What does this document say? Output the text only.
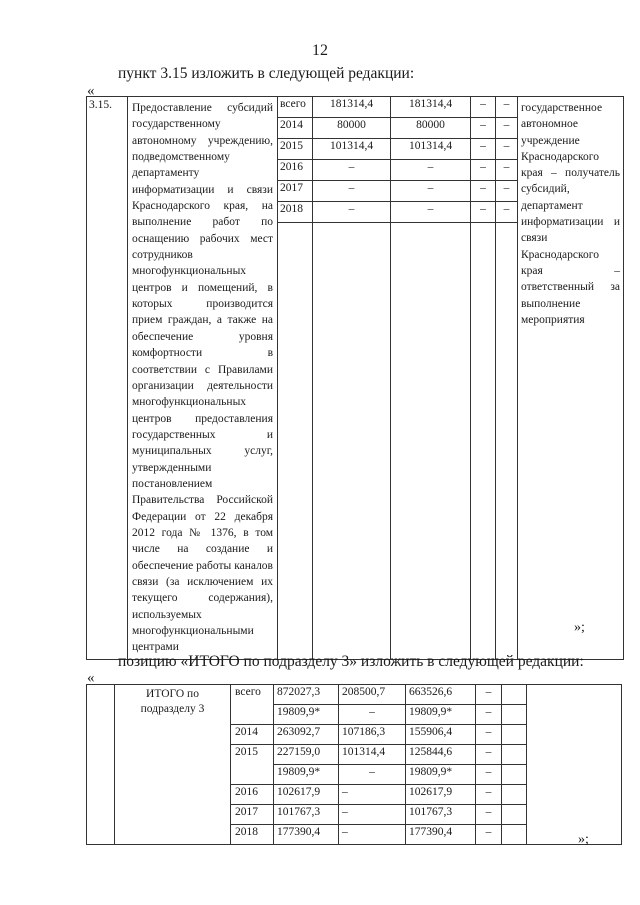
12
пункт 3.15 изложить в следующей редакции:
«
3.15.	Предоставление субсидий государственному автономному учреждению, подведомственному департаменту информатизации и связи Краснодарского края, на выполнение работ по оснащению рабочих мест сотрудников многофункциональных центров и помещений, в которых производится прием граждан, а также на обеспечение уровня комфортности в соответствии с Правилами организации деятельности многофункциональных центров предоставления государственных и муниципальных услуг, утвержденными постановлением Правительства Российской Федерации от 22 декабря 2012 года № 1376, в том числе на создание и обеспечение работы каналов связи (за исключением их текущего содержания), используемых многофункциональными центрами	всего	181314,4	181314,4	–	–	государственное автономное учреждение Краснодарского края – получатель субсидий, департамент информатизации и связи Краснодарского края – ответственный за выполнение мероприятия
		2014	80000	80000	–	–	
		2015	101314,4	101314,4	–	–	
		2016	–	–	–	–	
		2017	–	–	–	–	
		2018	–	–	–	–	

»;
позицию «ИТОГО по подразделу 3» изложить в следующей редакции:
«
	ИТОГО по подразделу 3	всего	872027,3	208500,7	663526,6	–		
			19809,9*	–	19809,9*	–		
		2014	263092,7	107186,3	155906,4	–		
		2015	227159,0	101314,4	125844,6	–		
			19809,9*	–	19809,9*	–		
		2016	102617,9	–	102617,9	–		
		2017	101767,3	–	101767,3	–		
		2018	177390,4	–	177390,4	–			»;
